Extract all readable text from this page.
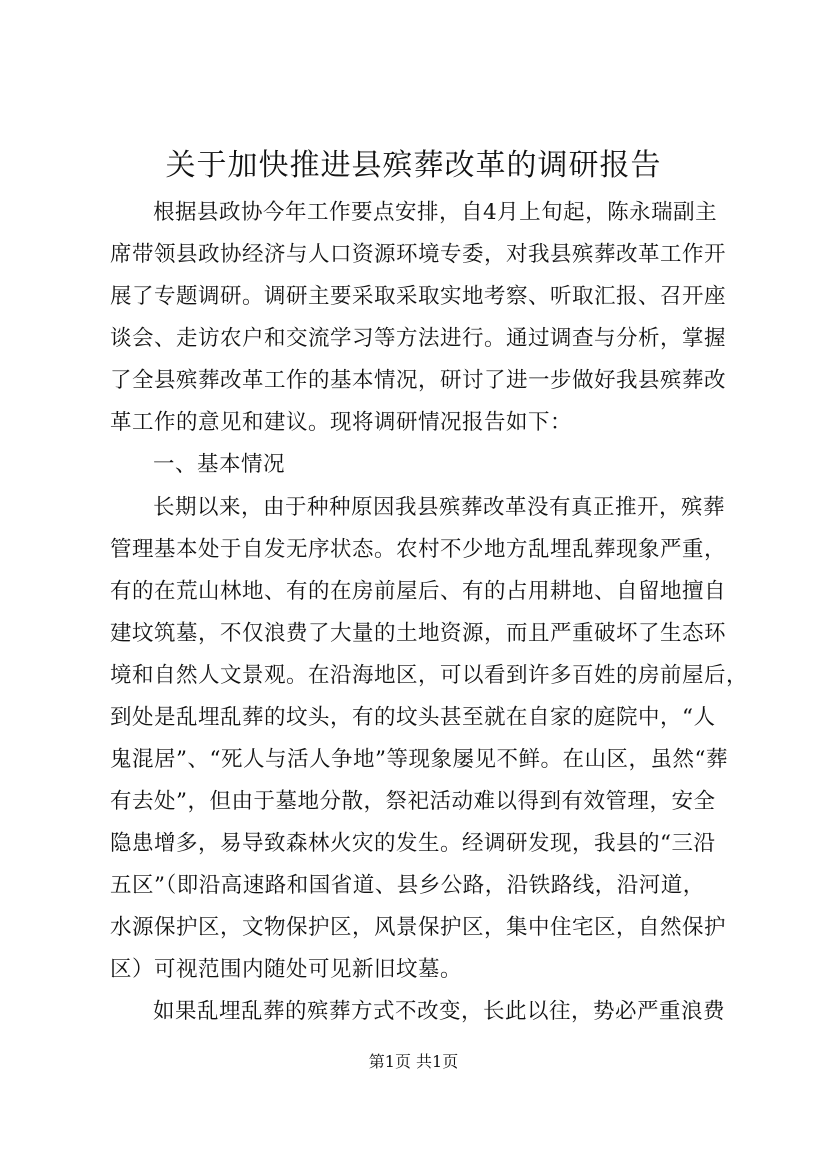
关于加快推进县殡葬改革的调研报告
根据县政协今年工作要点安排，自4月上旬起，陈永瑞副主
席带领县政协经济与人口资源环境专委，对我县殡葬改革工作开
展了专题调研。调研主要采取采取实地考察、听取汇报、召开座
谈会、走访农户和交流学习等方法进行。通过调查与分析，掌握
了全县殡葬改革工作的基本情况，研讨了进一步做好我县殡葬改
革工作的意见和建议。现将调研情况报告如下：
一、基本情况
长期以来，由于种种原因我县殡葬改革没有真正推开，殡葬
管理基本处于自发无序状态。农村不少地方乱埋乱葬现象严重，
有的在荒山林地、有的在房前屋后、有的占用耕地、自留地擅自
建坟筑墓，不仅浪费了大量的土地资源，而且严重破坏了生态环
境和自然人文景观。在沿海地区，可以看到许多百姓的房前屋后，
到处是乱埋乱葬的坟头，有的坟头甚至就在自家的庭院中，“人
鬼混居”、“死人与活人争地”等现象屡见不鲜。在山区，虽然“葬
有去处”，但由于墓地分散，祭祀活动难以得到有效管理，安全
隐患增多，易导致森林火灾的发生。经调研发现，我县的“三沿
五区”（即沿高速路和国省道、县乡公路，沿铁路线，沿河道，
水源保护区，文物保护区，风景保护区，集中住宅区，自然保护
区）可视范围内随处可见新旧坟墓。
如果乱埋乱葬的殡葬方式不改变，长此以往，势必严重浪费
第1页 共1页
